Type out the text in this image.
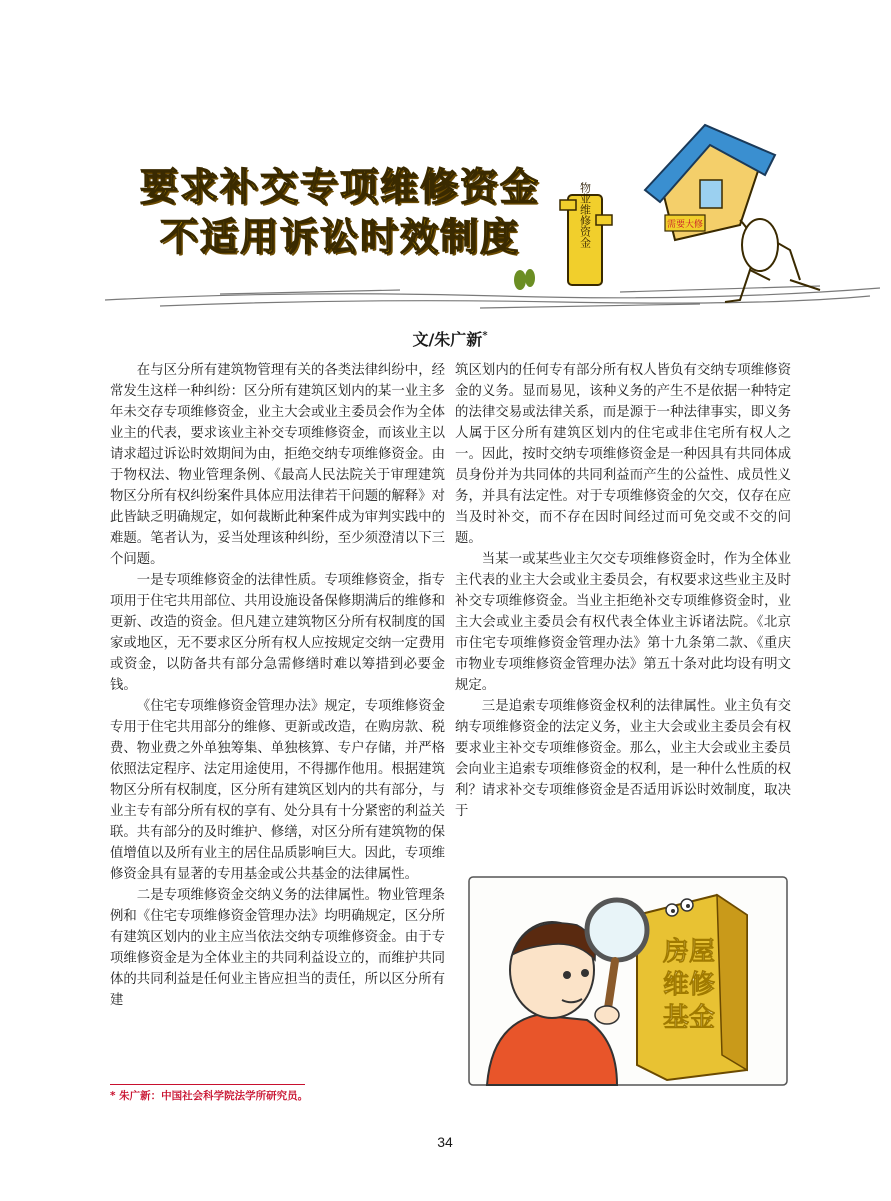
物业维修资金	需要大修
要求补交专项维修资金
不适用诉讼时效制度
文/朱广新*

在与区分所有建筑物管理有关的各类法律纠纷中，经常发生这样一种纠纷：区分所有建筑区划内的某一业主多年未交存专项维修资金，业主大会或业主委员会作为全体业主的代表，要求该业主补交专项维修资金，而该业主以请求超过诉讼时效期间为由，拒绝交纳专项维修资金。由于物权法、物业管理条例、《最高人民法院关于审理建筑物区分所有权纠纷案件具体应用法律若干问题的解释》对此皆缺乏明确规定，如何裁断此种案件成为审判实践中的难题。笔者认为，妥当处理该种纠纷，至少须澄清以下三个问题。

一是专项维修资金的法律性质。专项维修资金，指专项用于住宅共用部位、共用设施设备保修期满后的维修和更新、改造的资金。但凡建立建筑物区分所有权制度的国家或地区，无不要求区分所有权人应按规定交纳一定费用或资金，以防备共有部分急需修缮时难以筹措到必要金钱。

《住宅专项维修资金管理办法》规定，专项维修资金专用于住宅共用部分的维修、更新或改造，在购房款、税费、物业费之外单独筹集、单独核算、专户存储，并严格依照法定程序、法定用途使用，不得挪作他用。根据建筑物区分所有权制度，区分所有建筑区划内的共有部分，与业主专有部分所有权的享有、处分具有十分紧密的利益关联。共有部分的及时维护、修缮，对区分所有建筑物的保值增值以及所有业主的居住品质影响巨大。因此，专项维修资金具有显著的专用基金或公共基金的法律属性。

二是专项维修资金交纳义务的法律属性。物业管理条例和《住宅专项维修资金管理办法》均明确规定，区分所有建筑区划内的业主应当依法交纳专项维修资金。由于专项维修资金是为全体业主的共同利益设立的，而维护共同体的共同利益是任何业主皆应担当的责任，所以区分所有建

筑区划内的任何专有部分所有权人皆负有交纳专项维修资金的义务。显而易见，该种义务的产生不是依据一种特定的法律交易或法律关系，而是源于一种法律事实，即义务人属于区分所有建筑区划内的住宅或非住宅所有权人之一。因此，按时交纳专项维修资金是一种因具有共同体成员身份并为共同体的共同利益而产生的公益性、成员性义务，并具有法定性。对于专项维修资金的欠交，仅存在应当及时补交，而不存在因时间经过而可免交或不交的问题。

当某一或某些业主欠交专项维修资金时，作为全体业主代表的业主大会或业主委员会，有权要求这些业主及时补交专项维修资金。当业主拒绝补交专项维修资金时，业主大会或业主委员会有权代表全体业主诉诸法院。《北京市住宅专项维修资金管理办法》第十九条第二款、《重庆市物业专项维修资金管理办法》第五十条对此均设有明文规定。

三是追索专项维修资金权利的法律属性。业主负有交纳专项维修资金的法定义务，业主大会或业主委员会有权要求业主补交专项维修资金。那么，业主大会或业主委员会向业主追索专项维修资金的权利，是一种什么性质的权利？请求补交专项维修资金是否适用诉讼时效制度，取决于

房屋
维修
基金
* 朱广新：中国社会科学院法学所研究员。
34
